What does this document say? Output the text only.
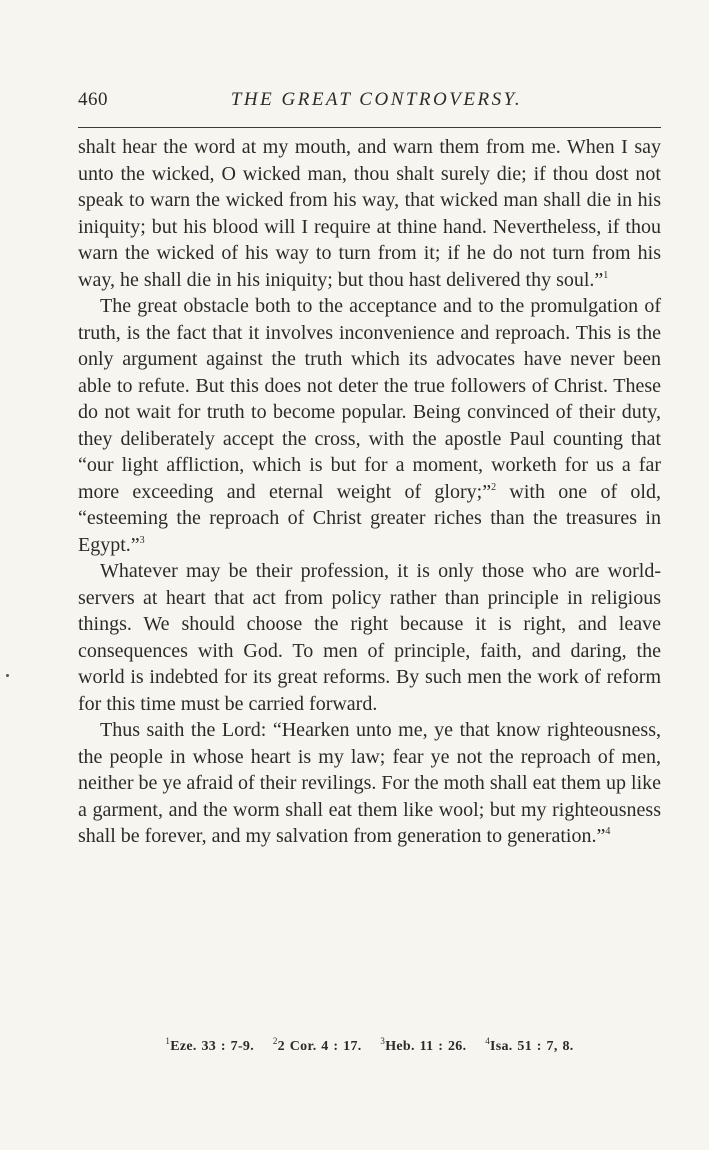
460	THE GREAT CONTROVERSY.

shalt hear the word at my mouth, and warn them from me. When I say unto the wicked, O wicked man, thou shalt surely die; if thou dost not speak to warn the wicked from his way, that wicked man shall die in his iniquity; but his blood will I require at thine hand. Nevertheless, if thou warn the wicked of his way to turn from it; if he do not turn from his way, he shall die in his iniquity; but thou hast delivered thy soul.”$^1$

The great obstacle both to the acceptance and to the promulgation of truth, is the fact that it involves inconvenience and reproach. This is the only argument against the truth which its advocates have never been able to refute. But this does not deter the true followers of Christ. These do not wait for truth to become popular. Being convinced of their duty, they deliberately accept the cross, with the apostle Paul counting that “our light affliction, which is but for a moment, worketh for us a far more exceeding and eternal weight of glory;”$^2$ with one of old, “esteeming the reproach of Christ greater riches than the treasures in Egypt.”$^3$

Whatever may be their profession, it is only those who are world-servers at heart that act from policy rather than principle in religious things. We should choose the right because it is right, and leave consequences with God. To men of principle, faith, and daring, the world is indebted for its great reforms. By such men the work of reform for this time must be carried forward.

Thus saith the Lord: “Hearken unto me, ye that know righteousness, the people in whose heart is my law; fear ye not the reproach of men, neither be ye afraid of their revilings. For the moth shall eat them up like a garment, and the worm shall eat them like wool; but my righteousness shall be forever, and my salvation from generation to generation.”$^4$

$^1$Eze. 33 : 7-9. $^2$2 Cor. 4 : 17. $^3$Heb. 11 : 26. $^4$Isa. 51 : 7, 8.
